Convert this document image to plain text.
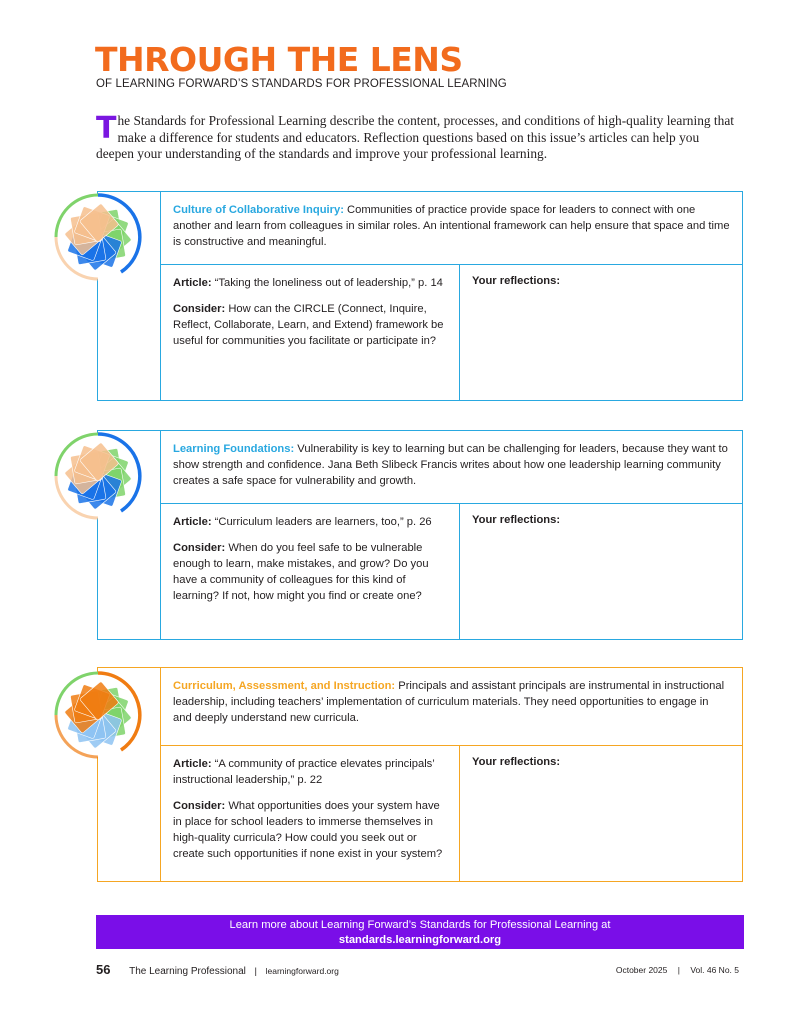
THROUGH THE LENS
OF LEARNING FORWARD’S STANDARDS FOR PROFESSIONAL LEARNING
The Standards for Professional Learning describe the content, processes, and conditions of high-quality learning that make a difference for students and educators. Reflection questions based on this issue’s articles can help you deepen your understanding of the standards and improve your professional learning.
Culture of Collaborative Inquiry: Communities of practice provide space for leaders to connect with one another and learn from colleagues in similar roles. An intentional framework can help ensure that space and time is constructive and meaningful.

Article: “Taking the loneliness out of leadership,” p. 14

Consider: How can the CIRCLE (Connect, Inquire, Reflect, Collaborate, Learn, and Extend) framework be useful for communities you facilitate or participate in?

Your reflections:
Learning Foundations: Vulnerability is key to learning but can be challenging for leaders, because they want to show strength and confidence. Jana Beth Slibeck Francis writes about how one leadership learning community creates a safe space for vulnerability and growth.

Article: “Curriculum leaders are learners, too,” p. 26

Consider: When do you feel safe to be vulnerable enough to learn, make mistakes, and grow? Do you have a community of colleagues for this kind of learning? If not, how might you find or create one?

Your reflections:
Curriculum, Assessment, and Instruction: Principals and assistant principals are instrumental in instructional leadership, including teachers’ implementation of curriculum materials. They need opportunities to engage in and deeply understand new curricula.

Article: “A community of practice elevates principals’ instructional leadership,” p. 22

Consider: What opportunities does your system have in place for school leaders to immerse themselves in high-quality curricula? How could you seek out or create such opportunities if none exist in your system?

Your reflections:
Learn more about Learning Forward’s Standards for Professional Learning at
standards.learningforward.org
56 The Learning Professional | learningforward.org	October 2025 | Vol. 46 No. 5
